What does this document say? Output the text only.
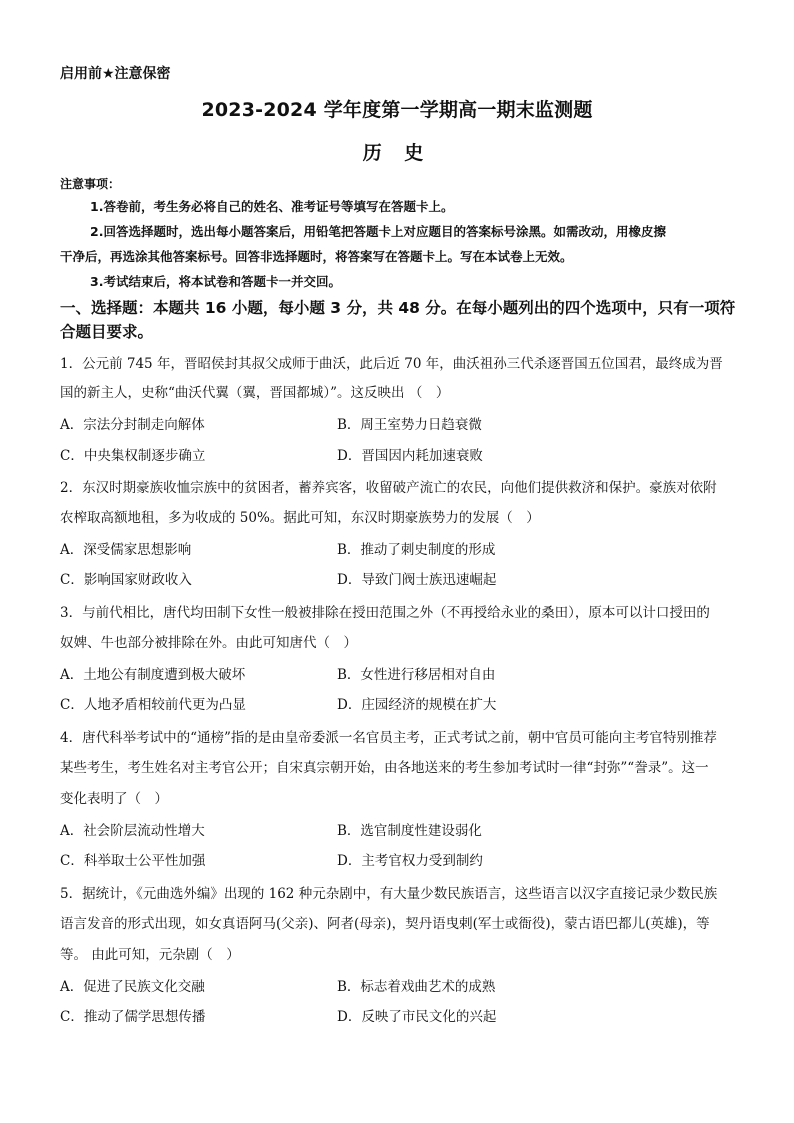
启用前★注意保密
2023-2024 学年度第一学期高一期末监测题
历 史
注意事项：
1.答卷前，考生务必将自己的姓名、准考证号等填写在答题卡上。
2.回答选择题时，选出每小题答案后，用铅笔把答题卡上对应题目的答案标号涂黑。如需改动，用橡皮擦
干净后，再选涂其他答案标号。回答非选择题时，将答案写在答题卡上。写在本试卷上无效。
3.考试结束后，将本试卷和答题卡一并交回。
一、选择题：本题共 16 小题，每小题 3 分，共 48 分。在每小题列出的四个选项中，只有一项符
合题目要求。
1．公元前 745 年，晋昭侯封其叔父成师于曲沃，此后近 70 年，曲沃祖孙三代杀逐晋国五位国君，最终成为晋
国的新主人，史称“曲沃代翼（翼，晋国都城）”。这反映出 （　）
A．宗法分封制走向解体	B．周王室势力日趋衰微
C．中央集权制逐步确立	D．晋国因内耗加速衰败
2．东汉时期豪族收恤宗族中的贫困者，蓄养宾客，收留破产流亡的农民，向他们提供救济和保护。豪族对依附
农榨取高额地租，多为收成的 50%。据此可知，东汉时期豪族势力的发展（　）
A．深受儒家思想影响	B．推动了刺史制度的形成
C．影响国家财政收入	D．导致门阀士族迅速崛起
3．与前代相比，唐代均田制下女性一般被排除在授田范围之外（不再授给永业的桑田），原本可以计口授田的
奴婢、牛也部分被排除在外。由此可知唐代（　）
A．土地公有制度遭到极大破坏	B．女性进行移居相对自由
C．人地矛盾相较前代更为凸显	D．庄园经济的规模在扩大
4．唐代科举考试中的“通榜”指的是由皇帝委派一名官员主考，正式考试之前，朝中官员可能向主考官特别推荐
某些考生，考生姓名对主考官公开；自宋真宗朝开始，由各地送来的考生参加考试时一律“封弥”“誊录”。这一
变化表明了（　）
A．社会阶层流动性增大	B．选官制度性建设弱化
C．科举取士公平性加强	D．主考官权力受到制约
5．据统计，《元曲选外编》出现的 162 种元杂剧中，有大量少数民族语言，这些语言以汉字直接记录少数民族
语言发音的形式出现，如女真语阿马(父亲)、阿者(母亲)，契丹语曳剌(军士或衙役)，蒙古语巴都儿(英雄)，等
等。 由此可知，元杂剧（　）
A．促进了民族文化交融	B．标志着戏曲艺术的成熟
C．推动了儒学思想传播	D．反映了市民文化的兴起
